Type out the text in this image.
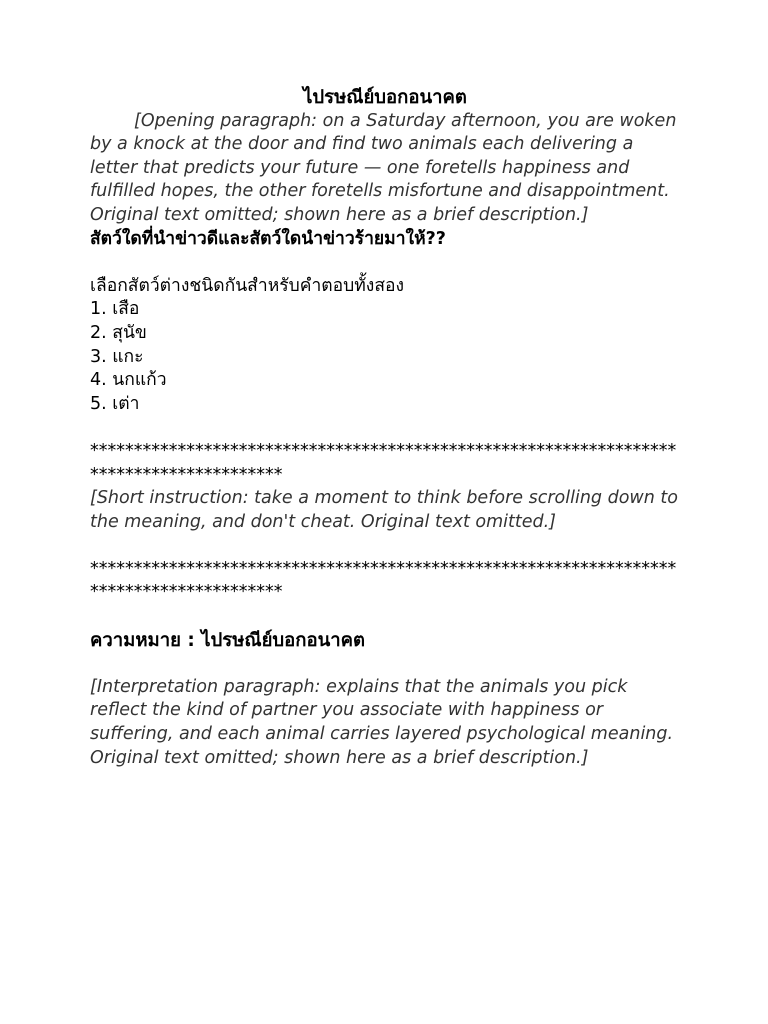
ไปรษณีย์บอกอนาคต

[Opening paragraph: on a Saturday afternoon, you are woken by a knock at the door and find two animals each delivering a letter that predicts your future — one foretells happiness and fulfilled hopes, the other foretells misfortune and disappointment. Original text omitted; shown here as a brief description.]

สัตว์ใดที่นำข่าวดีและสัตว์ใดนำข่าวร้ายมาให้??

เลือกสัตว์ต่างชนิดกันสำหรับคำตอบทั้งสอง

1. เสือ
2. สุนัข
3. แกะ
4. นกแก้ว
5. เต่า

*****************************************************************************************

[Short instruction: take a moment to think before scrolling down to the meaning, and don't cheat. Original text omitted.]

*****************************************************************************************

ความหมาย : ไปรษณีย์บอกอนาคต

[Interpretation paragraph: explains that the animals you pick reflect the kind of partner you associate with happiness or suffering, and each animal carries layered psychological meaning. Original text omitted; shown here as a brief description.]
